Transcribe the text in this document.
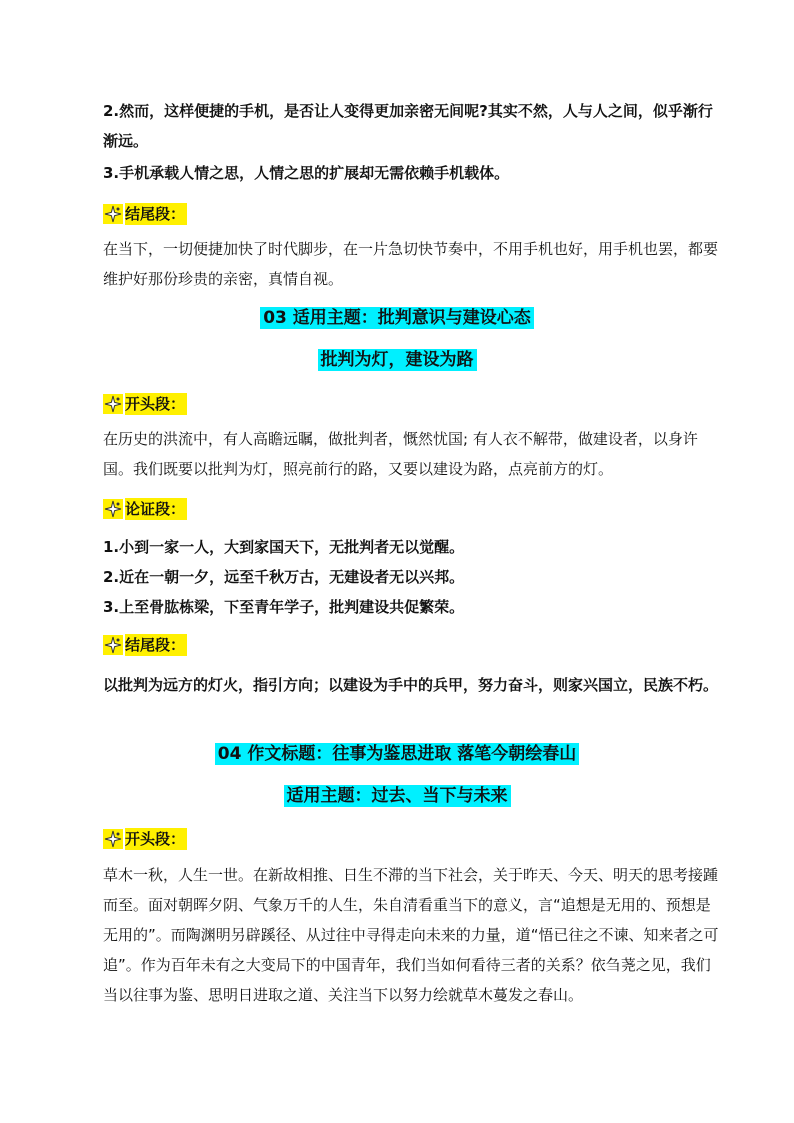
2.然而，这样便捷的手机，是否让人变得更加亲密无间呢?其实不然，人与人之间，似乎渐行渐远。

3.手机承载人情之思，人情之思的扩展却无需依赖手机载体。

结尾段：

在当下，一切便捷加快了时代脚步，在一片急切快节奏中，不用手机也好，用手机也罢，都要维护好那份珍贵的亲密，真情自视。

03 适用主题：批判意识与建设心态

批判为灯，建设为路

开头段：

在历史的洪流中，有人高瞻远瞩，做批判者，慨然忧国; 有人衣不解带，做建设者，以身许国。我们既要以批判为灯，照亮前行的路，又要以建设为路，点亮前方的灯。

论证段：

1.小到一家一人，大到家国天下，无批判者无以觉醒。

2.近在一朝一夕，远至千秋万古，无建设者无以兴邦。

3.上至骨肱栋梁，下至青年学子，批判建设共促繁荣。

结尾段：

以批判为远方的灯火，指引方向；以建设为手中的兵甲，努力奋斗，则家兴国立，民族不朽。

04 作文标题：往事为鉴思进取 落笔今朝绘春山

适用主题：过去、当下与未来

开头段：

草木一秋，人生一世。在新故相推、日生不滞的当下社会，关于昨天、今天、明天的思考接踵而至。面对朝晖夕阴、气象万千的人生，朱自清看重当下的意义，言“追想是无用的、预想是无用的”。而陶渊明另辟蹊径、从过往中寻得走向未来的力量，道“悟已往之不谏、知来者之可追”。作为百年未有之大变局下的中国青年，我们当如何看待三者的关系？依刍荛之见，我们当以往事为鉴、思明日进取之道、关注当下以努力绘就草木蔓发之春山。
